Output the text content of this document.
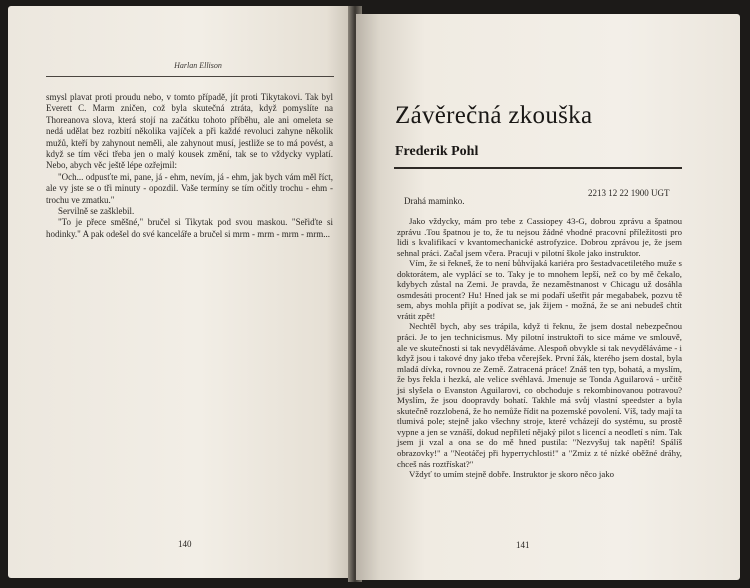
Harlan Ellison

smysl plavat proti proudu nebo, v tomto případě, jít proti Tikytakovi. Tak byl Everett C. Marm zničen, což byla skutečná ztráta, když pomyslíte na Thoreanova slova, která stojí na začátku tohoto příběhu, ale ani omeleta se nedá udělat bez rozbití několika vajíček a při každé revoluci zahyne několik mužů, kteří by zahynout neměli, ale zahynout musí, jestliže se to má povést, a když se tím věci třeba jen o malý kousek změní, tak se to vždycky vyplatí. Nebo, abych věc ještě lépe ozřejmil:

"Och... odpusťte mi, pane, já - ehm, nevím, já - ehm, jak bych vám měl říct, ale vy jste se o tři minuty - opozdil. Vaše termíny se tím očitly trochu - ehm - trochu ve zmatku."

Servilně se zašklebil.

"To je přece směšné," bručel si Tikytak pod svou maskou. "Seřiďte si hodinky." A pak odešel do své kanceláře a bručel si mrm - mrm - mrm - mrm...

140
Závěrečná zkouška
Frederik Pohl
2213 12 22 1900 UGT
Drahá maminko.

Jako vždycky, mám pro tebe z Cassiopey 43-G, dobrou zprávu a špatnou zprávu .Tou špatnou je to, že tu nejsou žádné vhodné pracovní příležitosti pro lidi s kvalifikací v kvantomechanické astrofyzice. Dobrou zprávou je, že jsem sehnal práci. Začal jsem včera. Pracuji v pilotní škole jako instruktor.

Vím, že si řekneš, že to není bůhvíjaká kariéra pro šestadvacetiletého muže s doktorátem, ale vyplácí se to. Taky je to mnohem lepší, než co by mě čekalo, kdybych zůstal na Zemi. Je pravda, že nezaměstnanost v Chicagu už dosáhla osmdesáti procent? Hu! Hned jak se mi podaří ušetřit pár megababek, pozvu tě sem, abys mohla přijít a podívat se, jak žijem - možná, že se ani nebudeš chtít vrátit zpět!

Nechtěl bych, aby ses trápila, když ti řeknu, že jsem dostal nebezpečnou práci. Je to jen technicismus. My pilotní instruktoři to sice máme ve smlouvě, ale ve skutečnosti si tak nevyděláváme. Alespoň obvykle si tak nevyděláváme - i když jsou i takové dny jako třeba včerejšek. První žák, kterého jsem dostal, byla mladá dívka, rovnou ze Země. Zatracená práce! Znáš ten typ, bohatá, a myslím, že bys řekla i hezká, ale velice svéhlavá. Jmenuje se Tonda Aguilarová - určitě jsi slyšela o Evanston Aguilarovi, co obchoduje s rekombinovanou potravou? Myslím, že jsou doopravdy bohatí. Takhle má svůj vlastní speedster a byla skutečně rozzlobená, že ho nemůže řídit na pozemské povolení. Víš, tady mají ta tlumivá pole; stejně jako všechny stroje, které vcházejí do systému, su prostě vypne a jen se vznáší, dokud nepřiletí nějaký pilot s licencí a neodletí s ním. Tak jsem ji vzal a ona se do mě hned pustila: "Nezvyšuj tak napětí! Spálíš obrazovky!" a "Neotáčej při hyperrychlosti!" a "Zmiz z té nízké oběžné dráhy, chceš nás roztřískat?"

Vždyť to umím stejně dobře. Instruktor je skoro něco jako

141
